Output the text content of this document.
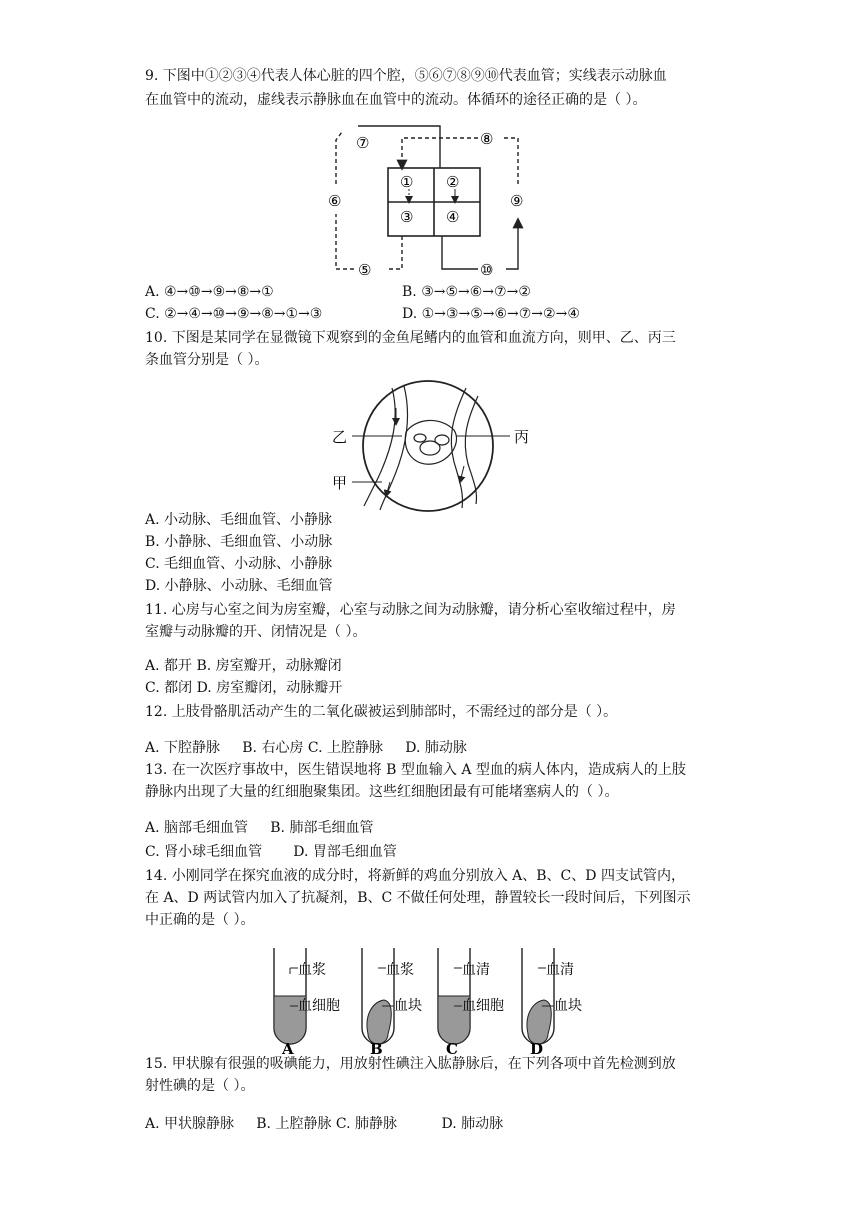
9. 下图中①②③④代表人体心脏的四个腔，⑤⑥⑦⑧⑨⑩代表血管；实线表示动脉血
在血管中的流动，虚线表示静脉血在血管中的流动。体循环的途径正确的是（ ）。
⑦	⑧
⑥	⑨
⑤	⑩
① ②
③ ④
A. ④→⑩→⑨→⑧→①	B. ③→⑤→⑥→⑦→②
C. ②→④→⑩→⑨→⑧→①→③	D. ①→③→⑤→⑥→⑦→②→④
10. 下图是某同学在显微镜下观察到的金鱼尾鳍内的血管和血流方向，则甲、乙、丙三
条血管分别是（ ）。
乙	丙
甲
A. 小动脉、毛细血管、小静脉
B. 小静脉、毛细血管、小动脉
C. 毛细血管、小动脉、小静脉
D. 小静脉、小动脉、毛细血管
11. 心房与心室之间为房室瓣，心室与动脉之间为动脉瓣，请分析心室收缩过程中，房
室瓣与动脉瓣的开、闭情况是（ ）。
A. 都开 B. 房室瓣开，动脉瓣闭
C. 都闭 D. 房室瓣闭，动脉瓣开
12. 上肢骨骼肌活动产生的二氧化碳被运到肺部时，不需经过的部分是（ ）。
A. 下腔静脉     B. 右心房 C. 上腔静脉     D. 肺动脉
13. 在一次医疗事故中，医生错误地将 B 型血输入 A 型血的病人体内，造成病人的上肢
静脉内出现了大量的红细胞聚集团。这些红细胞团最有可能堵塞病人的（ ）。
A. 脑部毛细血管     B. 肺部毛细血管
C. 肾小球毛细血管       D. 胃部毛细血管
14. 小刚同学在探究血液的成分时，将新鲜的鸡血分别放入 A、B、C、D 四支试管内，
在 A、D 两试管内加入了抗凝剂，B、C 不做任何处理，静置较长一段时间后，下列图示
中正确的是（ ）。
血浆
血细胞
A
血浆
血块
B
血清
血细胞
C
血清
血块
D
15. 甲状腺有很强的吸碘能力，用放射性碘注入肱静脉后，在下列各项中首先检测到放
射性碘的是（ ）。
A. 甲状腺静脉     B. 上腔静脉 C. 肺静脉          D. 肺动脉
